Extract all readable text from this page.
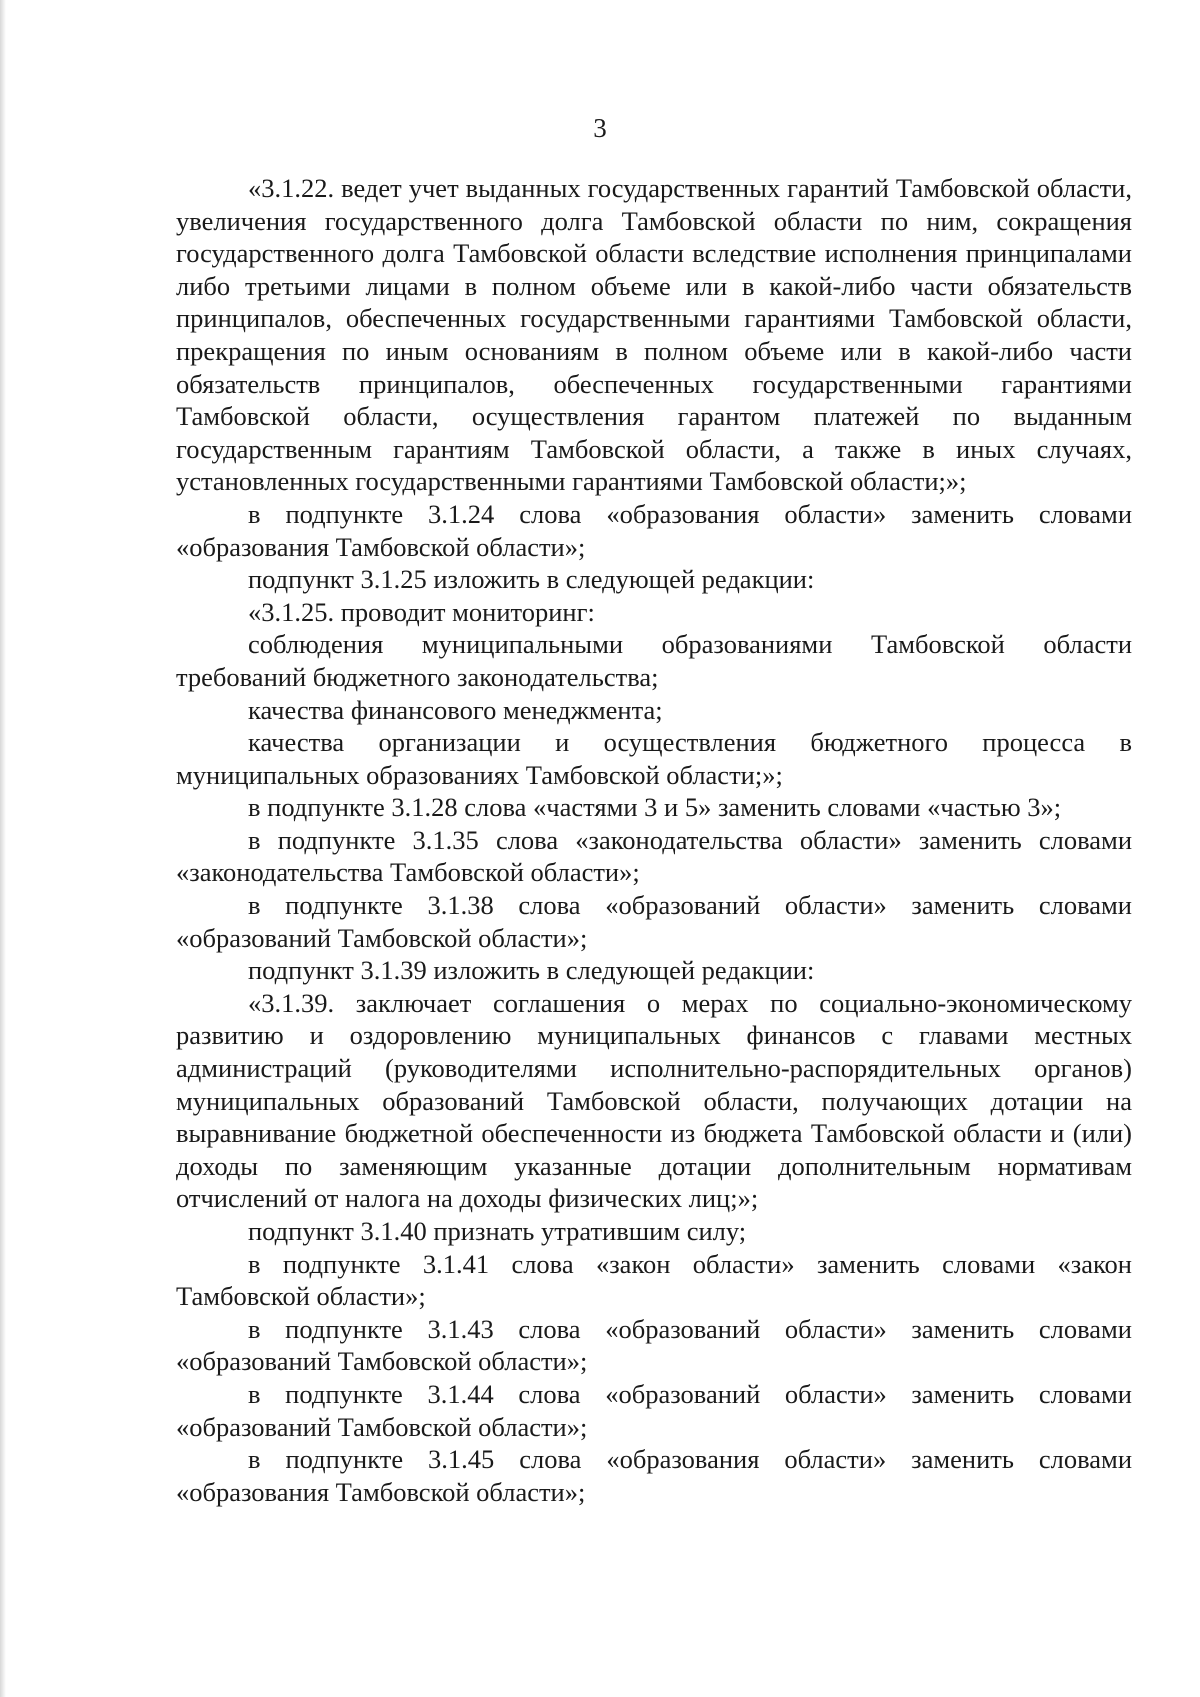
3

«3.1.22. ведет учет выданных государственных гарантий Тамбовской области, увеличения государственного долга Тамбовской области по ним, сокращения государственного долга Тамбовской области вследствие исполнения принципалами либо третьими лицами в полном объеме или в какой-либо части обязательств принципалов, обеспеченных государственными гарантиями Тамбовской области, прекращения по иным основаниям в полном объеме или в какой-либо части обязательств принципалов, обеспеченных государственными гарантиями Тамбовской области, осуществления гарантом платежей по выданным государственным гарантиям Тамбовской области, а также в иных случаях, установленных государственными гарантиями Тамбовской области;»;

в подпункте 3.1.24 слова «образования области» заменить словами «образования Тамбовской области»;

подпункт 3.1.25 изложить в следующей редакции:

«3.1.25. проводит мониторинг:

соблюдения муниципальными образованиями Тамбовской области требований бюджетного законодательства;

качества финансового менеджмента;

качества организации и осуществления бюджетного процесса в муниципальных образованиях Тамбовской области;»;

в подпункте 3.1.28 слова «частями 3 и 5» заменить словами «частью 3»;

в подпункте 3.1.35 слова «законодательства области» заменить словами «законодательства Тамбовской области»;

в подпункте 3.1.38 слова «образований области» заменить словами «образований Тамбовской области»;

подпункт 3.1.39 изложить в следующей редакции:

«3.1.39. заключает соглашения о мерах по социально-экономическому развитию и оздоровлению муниципальных финансов с главами местных администраций (руководителями исполнительно-распорядительных органов) муниципальных образований Тамбовской области, получающих дотации на выравнивание бюджетной обеспеченности из бюджета Тамбовской области и (или) доходы по заменяющим указанные дотации дополнительным нормативам отчислений от налога на доходы физических лиц;»;

подпункт 3.1.40 признать утратившим силу;

в подпункте 3.1.41 слова «закон области» заменить словами «закон Тамбовской области»;

в подпункте 3.1.43 слова «образований области» заменить словами «образований Тамбовской области»;

в подпункте 3.1.44 слова «образований области» заменить словами «образований Тамбовской области»;

в подпункте 3.1.45 слова «образования области» заменить словами «образования Тамбовской области»;
